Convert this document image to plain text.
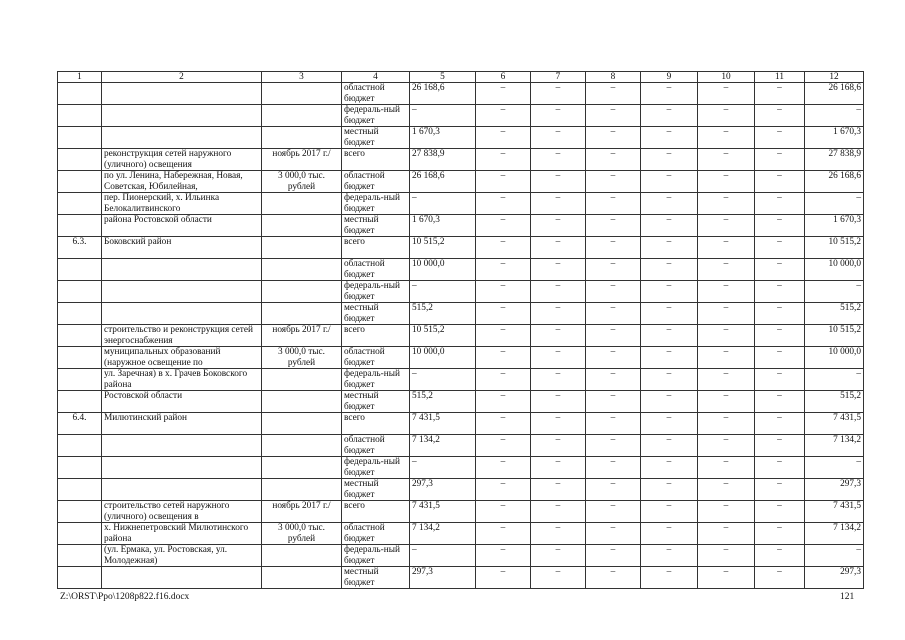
1	2	3	4	5	6	7	8	9	10	11	12
			областной бюджет	26 168,6	–	–	–	–	–	–	26 168,6
			федераль-ный бюджет	–	–	–	–	–	–	–	–
			местный бюджет	1 670,3	–	–	–	–	–	–	1 670,3
	реконструкция сетей наружного (уличного) освещения	ноябрь 2017 г./	всего	27 838,9	–	–	–	–	–	–	27 838,9
	по ул. Ленина, Набережная, Новая, Советская, Юбилейная,	3 000,0 тыс. рублей	областной бюджет	26 168,6	–	–	–	–	–	–	26 168,6
	пер. Пионерский, х. Ильинка Белокалитвинского		федераль-ный бюджет	–	–	–	–	–	–	–	–
	района Ростовской области		местный бюджет	1 670,3	–	–	–	–	–	–	1 670,3
6.3.	Боковский район		всего	10 515,2	–	–	–	–	–	–	10 515,2
			областной бюджет	10 000,0	–	–	–	–	–	–	10 000,0
			федераль-ный бюджет	–	–	–	–	–	–	–	–
			местный бюджет	515,2	–	–	–	–	–	–	515,2
	строительство и реконструкция сетей энергоснабжения	ноябрь 2017 г./	всего	10 515,2	–	–	–	–	–	–	10 515,2
	муниципальных образований (наружное освещение по	3 000,0 тыс. рублей	областной бюджет	10 000,0	–	–	–	–	–	–	10 000,0
	ул. Заречная) в х. Грачев Боковского района		федераль-ный бюджет	–	–	–	–	–	–	–	–
	Ростовской области		местный бюджет	515,2	–	–	–	–	–	–	515,2
6.4.	Милютинский район		всего	7 431,5	–	–	–	–	–	–	7 431,5
			областной бюджет	7 134,2	–	–	–	–	–	–	7 134,2
			федераль-ный бюджет	–	–	–	–	–	–	–	–
			местный бюджет	297,3	–	–	–	–	–	–	297,3
	строительство сетей наружного (уличного) освещения в	ноябрь 2017 г./	всего	7 431,5	–	–	–	–	–	–	7 431,5
	х. Нижнепетровский Милютинского района	3 000,0 тыс. рублей	областной бюджет	7 134,2	–	–	–	–	–	–	7 134,2
	(ул. Ермака, ул. Ростовская, ул. Молодежная)		федераль-ный бюджет	–	–	–	–	–	–	–	–
			местный бюджет	297,3	–	–	–	–	–	–	297,3
Z:\ORST\Ppo\1208p822.f16.docx	121
